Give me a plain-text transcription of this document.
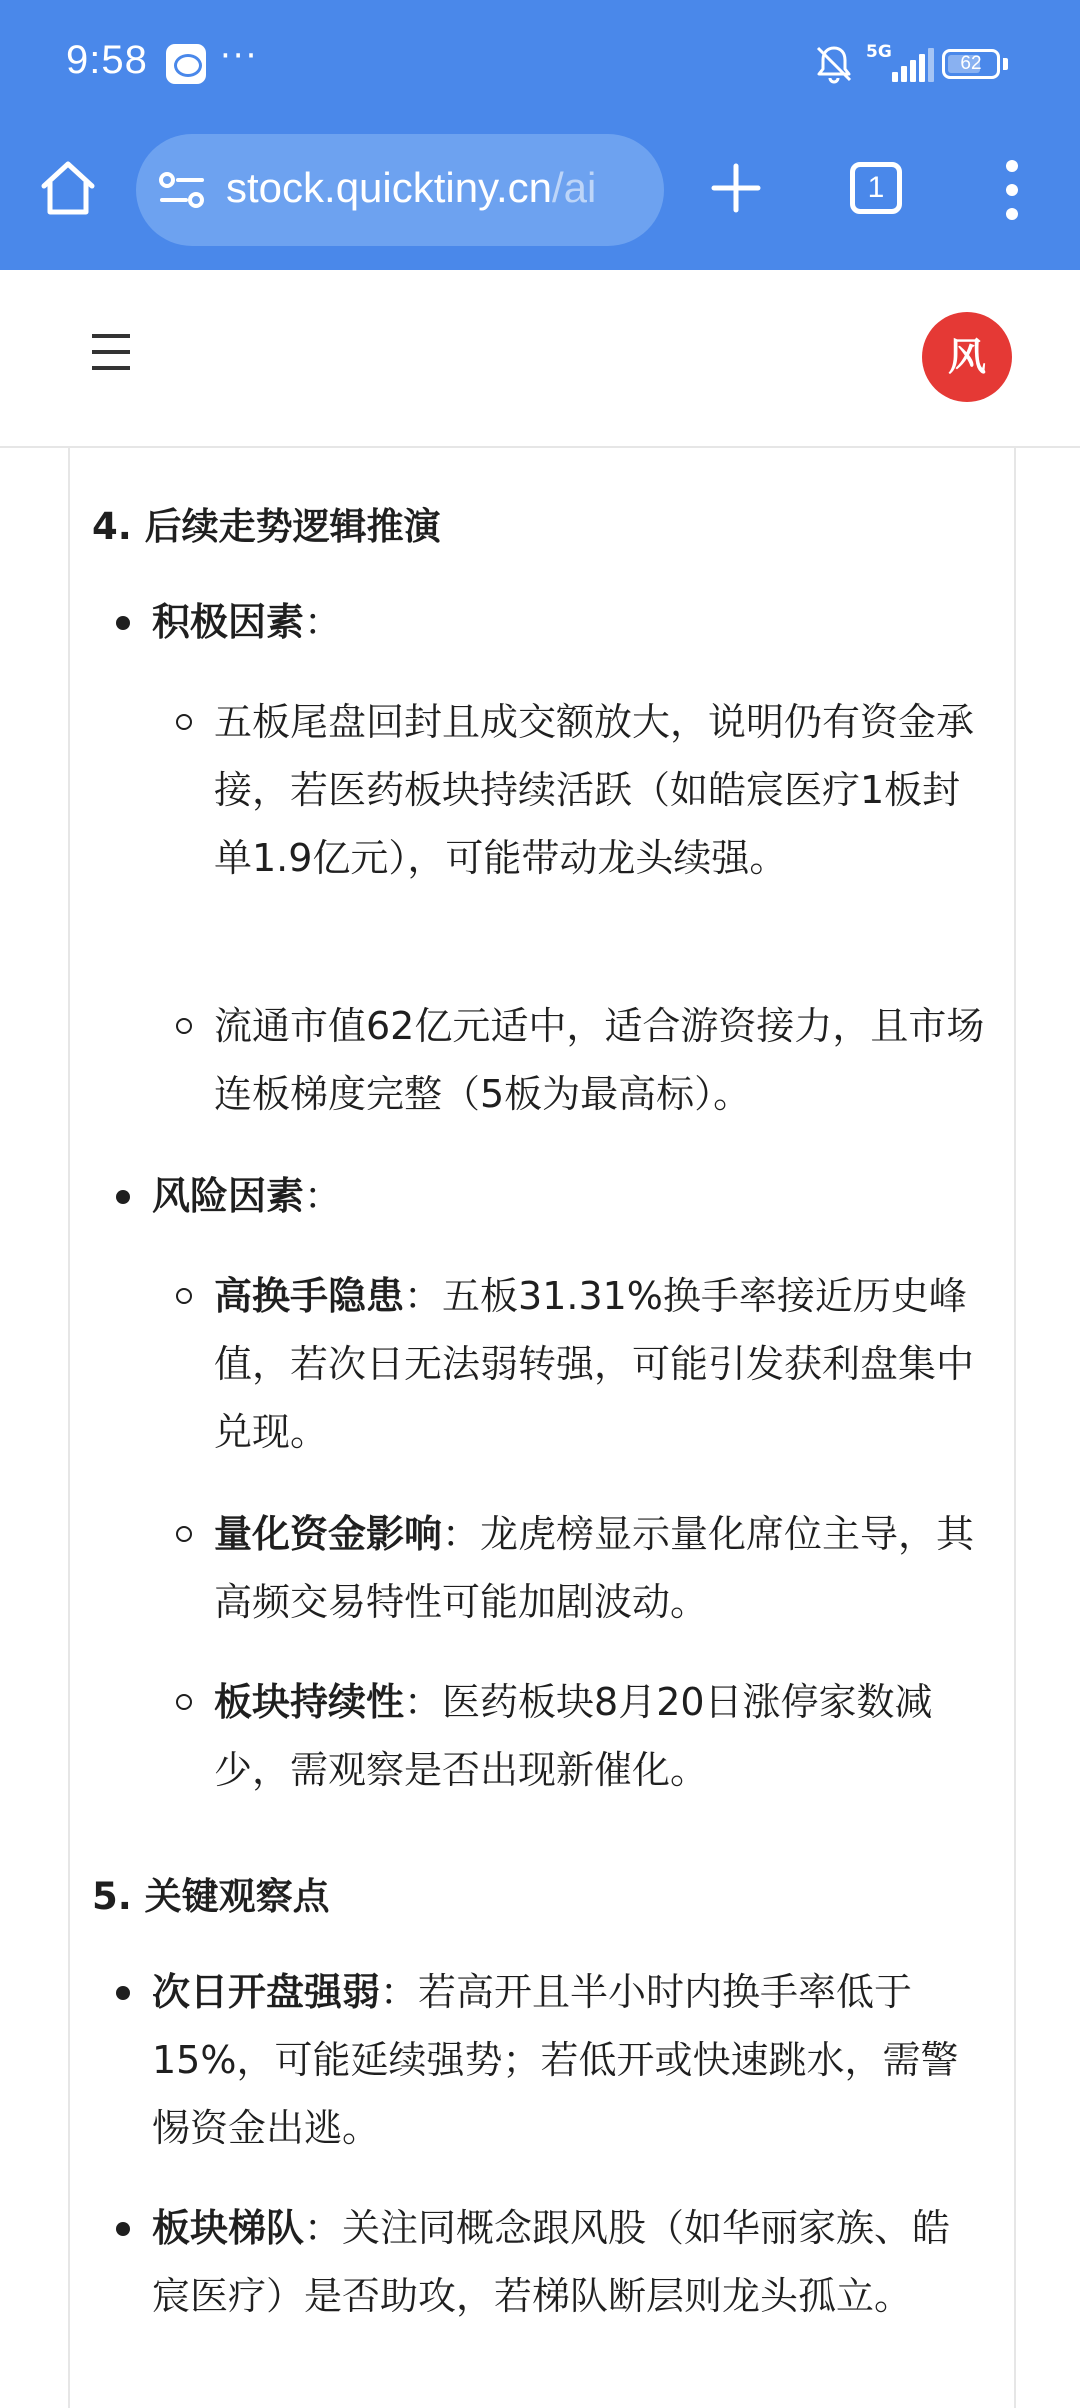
9:58 ···	5G
62
stock.quicktiny.cn/ai	1
风
4. 后续走势逻辑推演
积极因素：
五板尾盘回封且成交额放大，说明仍有资金承接，若医药板块持续活跃（如皓宸医疗1板封单1.9亿元），可能带动龙头续强。
流通市值62亿元适中，适合游资接力，且市场连板梯度完整（5板为最高标）。
风险因素：
高换手隐患：五板31.31%换手率接近历史峰值，若次日无法弱转强，可能引发获利盘集中兑现。
量化资金影响：龙虎榜显示量化席位主导，其高频交易特性可能加剧波动。
板块持续性：医药板块8月20日涨停家数减少，需观察是否出现新催化。
5. 关键观察点
次日开盘强弱：若高开且半小时内换手率低于15%，可能延续强势；若低开或快速跳水，需警惕资金出逃。
板块梯队：关注同概念跟风股（如华丽家族、皓宸医疗）是否助攻，若梯队断层则龙头孤立。
